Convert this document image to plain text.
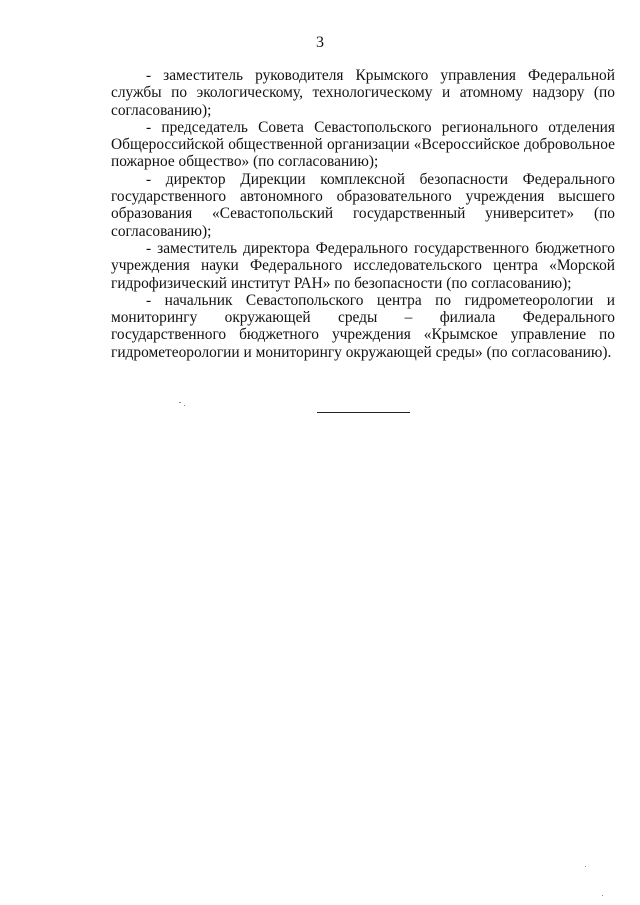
3

- заместитель руководителя Крымского управления Федеральной службы по экологическому, технологическому и атомному надзору (по согласованию);

- председатель Совета Севастопольского регионального отделения Общероссийской общественной организации «Всероссийское добровольное пожарное общество» (по согласованию);

- директор Дирекции комплексной безопасности Федерального государственного автономного образовательного учреждения высшего образования «Севастопольский государственный университет» (по согласованию);

- заместитель директора Федерального государственного бюджетного учреждения науки Федерального исследовательского центра «Морской гидрофизический институт РАН» по безопасности (по согласованию);

- начальник Севастопольского центра по гидрометеорологии и мониторингу окружающей среды – филиала Федерального государственного бюджетного учреждения «Крымское управление по гидрометеорологии и мониторингу окружающей среды» (по согласованию).
